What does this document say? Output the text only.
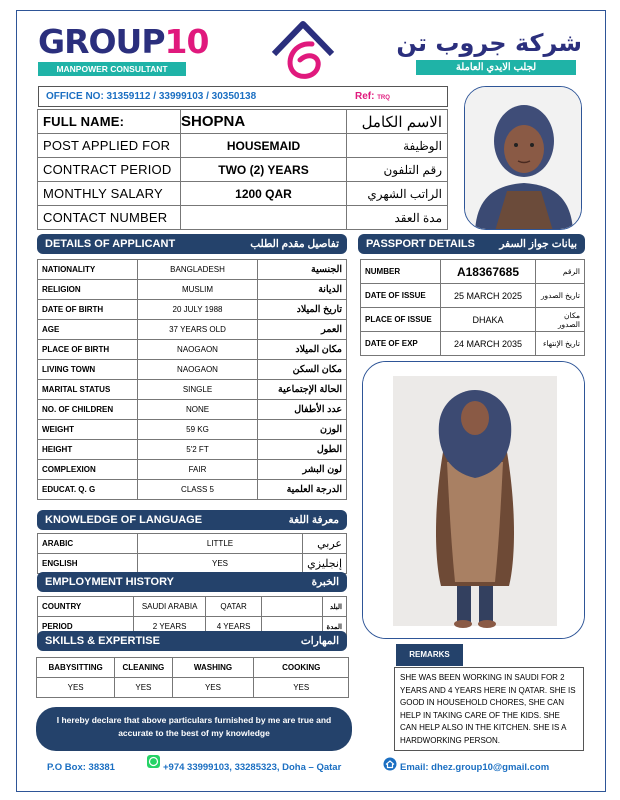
GROUP10
MANPOWER CONSULTANT
شركة جروب تن
لجلب الايدي العاملة
OFFICE NO: 31359112 / 33999103 / 30350138	Ref: TRQ
FULL NAME:	SHOPNA	الاسم الكامل
POST APPLIED FOR	HOUSEMAID	الوظيفة
CONTRACT PERIOD	TWO (2) YEARS	رقم التلفون
MONTHLY SALARY	1200 QAR	الراتب الشهري
CONTACT NUMBER		مدة العقد
DETAILS OF APPLICANT	تفاصيل مقدم الطلب
NATIONALITY	BANGLADESH	الجنسية
RELIGION	MUSLIM	الديانة
DATE OF BIRTH	20 JULY 1988	تاريخ الميلاد
AGE	37 YEARS OLD	العمر
PLACE OF BIRTH	NAOGAON	مكان الميلاد
LIVING TOWN	NAOGAON	مكان السكن
MARITAL STATUS	SINGLE	الحالة الإجتماعية
NO. OF CHILDREN	NONE	عدد الأطفال
WEIGHT	59 KG	الوزن
HEIGHT	5'2 FT	الطول
COMPLEXION	FAIR	لون البشر
EDUCAT. Q. G	CLASS 5	الدرجة العلمية
PASSPORT DETAILS بيانات جواز السفر
NUMBER	A18367685	الرقم
DATE OF ISSUE	25 MARCH 2025	تاريخ الصدور
PLACE OF ISSUE	DHAKA	مكان الصدور
DATE OF EXP	24 MARCH 2035	تاريخ الإنتهاء
KNOWLEDGE OF LANGUAGE	معرفة اللغة
ARABIC	LITTLE	عربي
ENGLISH	YES	إنجليزي
EMPLOYMENT HISTORY	الخبرة
COUNTRY	SAUDI ARABIA	QATAR		البلد
PERIOD	2 YEARS	4 YEARS		المدة
SKILLS & EXPERTISE	المهارات
BABYSITTING	CLEANING	WASHING	COOKING
YES	YES	YES	YES
REMARKS
SHE WAS BEEN WORKING IN SAUDI FOR 2 YEARS AND 4 YEARS HERE IN QATAR. SHE IS GOOD IN HOUSEHOLD CHORES, SHE CAN HELP IN TAKING CARE OF THE KIDS. SHE CAN HELP ALSO IN THE KITCHEN. SHE IS A HARDWORKING PERSON.
I hereby declare that above particulars furnished by me are true and accurate to the best of my knowledge
P.O Box: 38381	+974 33999103, 33285323, Doha – Qatar	Email: dhez.group10@gmail.com
